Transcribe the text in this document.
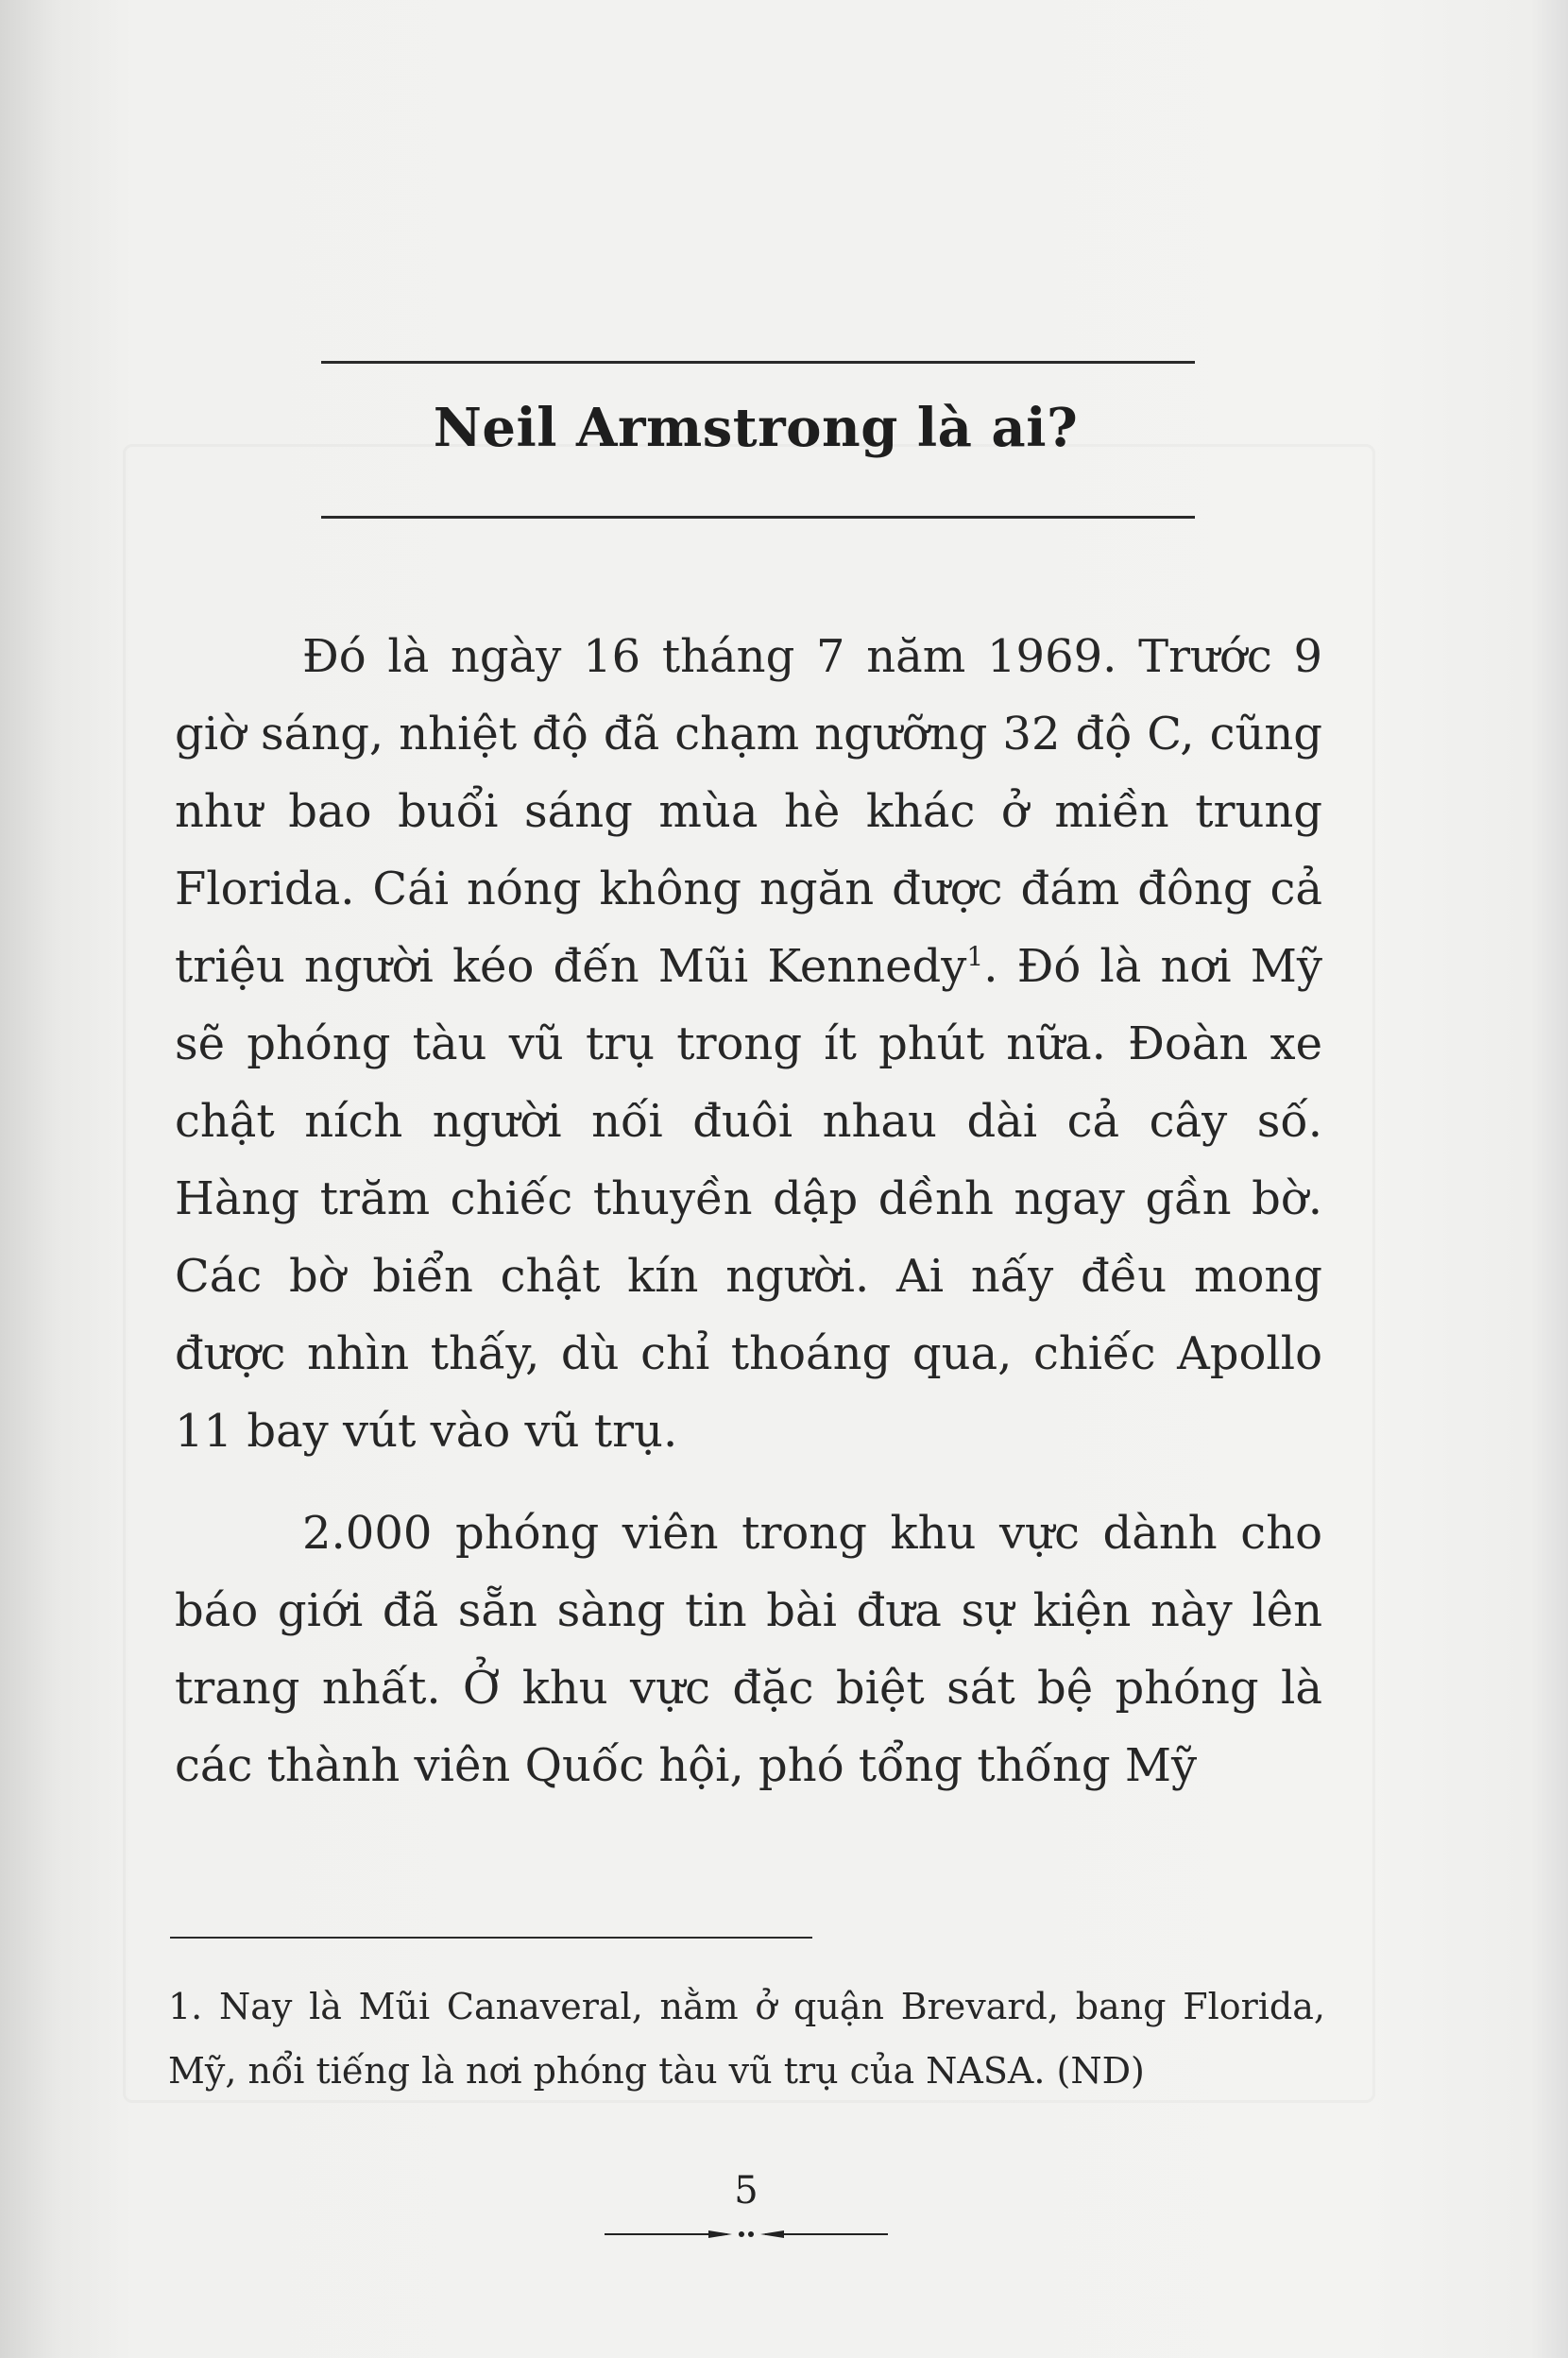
Neil Armstrong là ai?

Đó là ngày 16 tháng 7 năm 1969. Trước 9 giờ sáng, nhiệt độ đã chạm ngưỡng 32 độ C, cũng như bao buổi sáng mùa hè khác ở miền trung Florida. Cái nóng không ngăn được đám đông cả triệu người kéo đến Mũi Kennedy$^1$. Đó là nơi Mỹ sẽ phóng tàu vũ trụ trong ít phút nữa. Đoàn xe chật ních người nối đuôi nhau dài cả cây số. Hàng trăm chiếc thuyền dập dềnh ngay gần bờ. Các bờ biển chật kín người. Ai nấy đều mong được nhìn thấy, dù chỉ thoáng qua, chiếc Apollo 11 bay vút vào vũ trụ.

2.000 phóng viên trong khu vực dành cho báo giới đã sẵn sàng tin bài đưa sự kiện này lên trang nhất. Ở khu vực đặc biệt sát bệ phóng là các thành viên Quốc hội, phó tổng thống Mỹ

1. Nay là Mũi Canaveral, nằm ở quận Brevard, bang Florida, Mỹ, nổi tiếng là nơi phóng tàu vũ trụ của NASA. (ND)

5
